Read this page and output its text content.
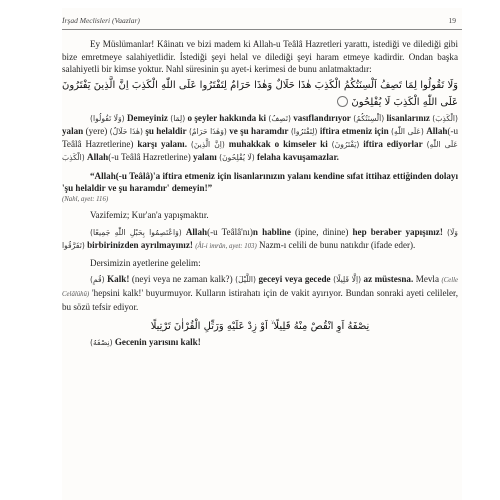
İrşad Meclisleri (Vaazlar)	19

Ey Müslümanlar! Kâinatı ve bizi madem ki Allah-u Teâlâ Hazretleri yarattı, istediği ve dilediği gibi bize emretmeye salahiyetlidir. İstediği şeyi helal ve dilediği şeyi haram etmeye kadirdir. Ondan başka salahiyetli bir kimse yoktur. Nahl süresinin şu ayet-i kerimesi de bunu anlatmaktadır:

وَلَا تَقُولُوا لِمَا تَصِفُ اَلْسِنَتُكُمُ الْكَذِبَ هٰذَا حَلَالٌ وَهٰذَا حَرَامٌ لِتَفْتَرُوا عَلَى اللّٰهِ الْكَذِبَ اِنَّ الَّذِينَ يَفْتَرُونَ عَلَى اللّٰهِ الْكَذِبَ لَا يُفْلِحُونَ

(وَلَا تَقُولُوا) Demeyiniz (لِمَا) o şeyler hakkında ki (تَصِفُ) vasıflandırıyor (اَلْسِنَتُكُمُ) lisanlarınız (الْكَذِبَ) yalan (yere) (هٰذَا حَلَالٌ) şu helaldir (وَهٰذَا حَرَامٌ) ve şu haramdır (لِتَفْتَرُوا) iftira etmeniz için (عَلَى اللّٰهِ) Allah(-u Teâlâ Hazretlerine) karşı yalanı. (اِنَّ الَّذِينَ) muhakkak o kimseler ki (يَفْتَرُونَ) iftira ediyorlar (عَلَى اللّٰهِ الْكَذِبَ) Allah(-u Teâlâ Hazretlerine) yalanı (لَا يُفْلِحُونَ) felaha kavuşamazlar.

“Allah(-u Teâlâ)'a iftira etmeniz için lisanlarınızın yalanı kendine sıfat ittihaz ettiğinden dolayı 'şu helaldir ve şu haramdır' demeyin!”

(Nahl, ayet: 116)

Vazifemiz; Kur'an'a yapışmaktır.

(وَاعْتَصِمُوا بِحَبْلِ اللّٰهِ جَمِيعًا) Allah(-u Teâlâ'nı)n habline (ipine, dinine) hep beraber yapışınız! (وَلَا تَفَرَّقُوا) birbirinizden ayrılmayınız! (Âl-i imrân, ayet: 103) Nazm-ı celili de bunu natıkdır (ifade eder).

Dersimizin ayetlerine gelelim:

(قُمِ) Kalk! (neyi veya ne zaman kalk?) (اللَّيْلَ) geceyi veya gecede (اِلَّا قَلِيلًا) az müstesna. Mevla (Celle Celâlühû) 'hepsini kalk!' buyurmuyor. Kulların istirahatı için de vakit ayırıyor. Bundan sonraki ayeti celileler, bu sözü tefsir ediyor.

نِصْفَهُ اَوِ انْقُصْ مِنْهُ قَلِيلًا ۙ اَوْ زِدْ عَلَيْهِ وَرَتِّلِ الْقُرْاٰنَ تَرْتِيلًا

(نِصْفَهُ) Gecenin yarısını kalk!
